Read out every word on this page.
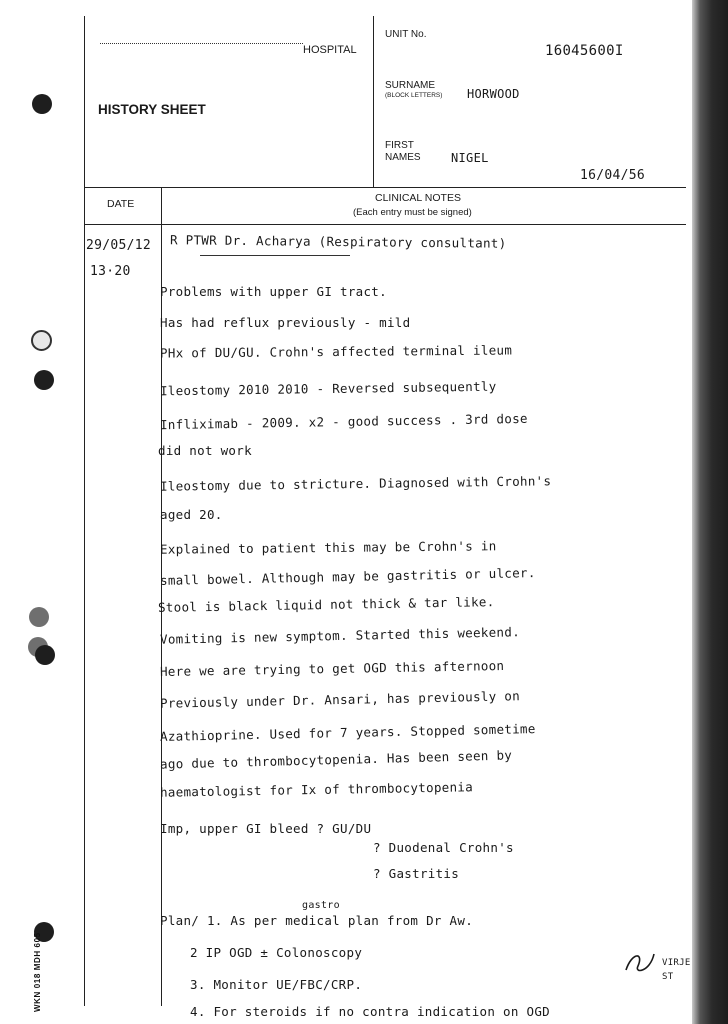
HOSPITAL
HISTORY SHEET
UNIT No.
16045600I
SURNAME
(BLOCK LETTERS) HORWOOD
FIRST
NAMES	NIGEL
16/04/56
DATE	CLINICAL NOTES
(Each entry must be signed)
29/05/12
13·20
R PTWR Dr. Acharya (Respiratory consultant)
Problems with upper GI tract.
Has had reflux previously - mild
PHx of DU/GU. Crohn's affected terminal ileum
Ileostomy 2010 2010 - Reversed subsequently
Infliximab - 2009. x2 - good success . 3rd dose
did not work
Ileostomy due to stricture. Diagnosed with Crohn's
aged 20.
Explained to patient this may be Crohn's in
small bowel. Although may be gastritis or ulcer.
Stool is black liquid not thick & tar like.
Vomiting is new symptom. Started this weekend.
Here we are trying to get OGD this afternoon
Previously under Dr. Ansari, has previously on
Azathioprine. Used for 7 years. Stopped sometime
ago due to thrombocytopenia. Has been seen by
haematologist for Ix of thrombocytopenia
Imp, upper GI bleed ? GU/DU
? Duodenal Crohn's
? Gastritis
gastro
Plan/ 1. As per medical plan from Dr Aw.
2 IP OGD ± Colonoscopy
3. Monitor UE/FBC/CRP.
4. For steroids if no contra indication on OGD
VIRJE ST
WKN 018 MDH 605
